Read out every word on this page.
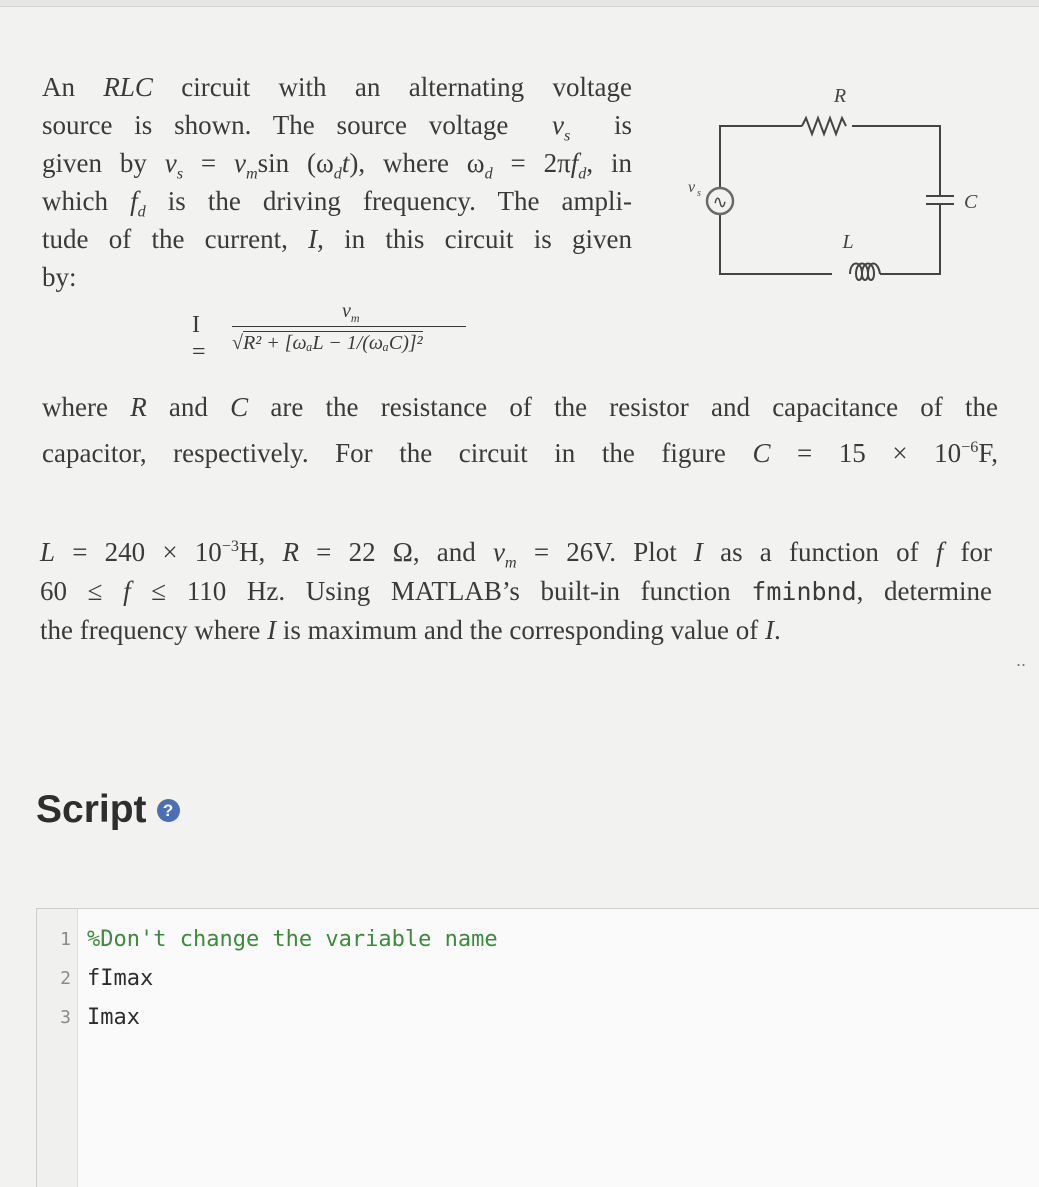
An RLC circuit with an alternating voltage
source is shown. The source voltage $v_s$ is
given by $v_s = v_m\sin$ $(\omega_dt)$, where $\omega_d = 2\pi f_d$, in
which $f_d$ is the driving frequency. The ampli-
tude of the current, I, in this circuit is given
by:
∿
R
L
C
v s
I =
$v_m$
√R² + [ωₐL − 1/(ωₐC)]²
where R and C are the resistance of the resistor and capacitance of the
capacitor, respectively. For the circuit in the figure $C = 15 \times 10^{-6}F$,
$L = 240 \times 10^{-3}H$, R = 22 Ω, and $v_m = 26V$. Plot I as a function of f for
60 ≤ f ≤ 110 Hz. Using MATLAB’s built-in function fminbnd, determine
the frequency where I is maximum and the corresponding value of I.
..
Script ?
1 %Don't change the variable name
2 fImax
3 Imax
